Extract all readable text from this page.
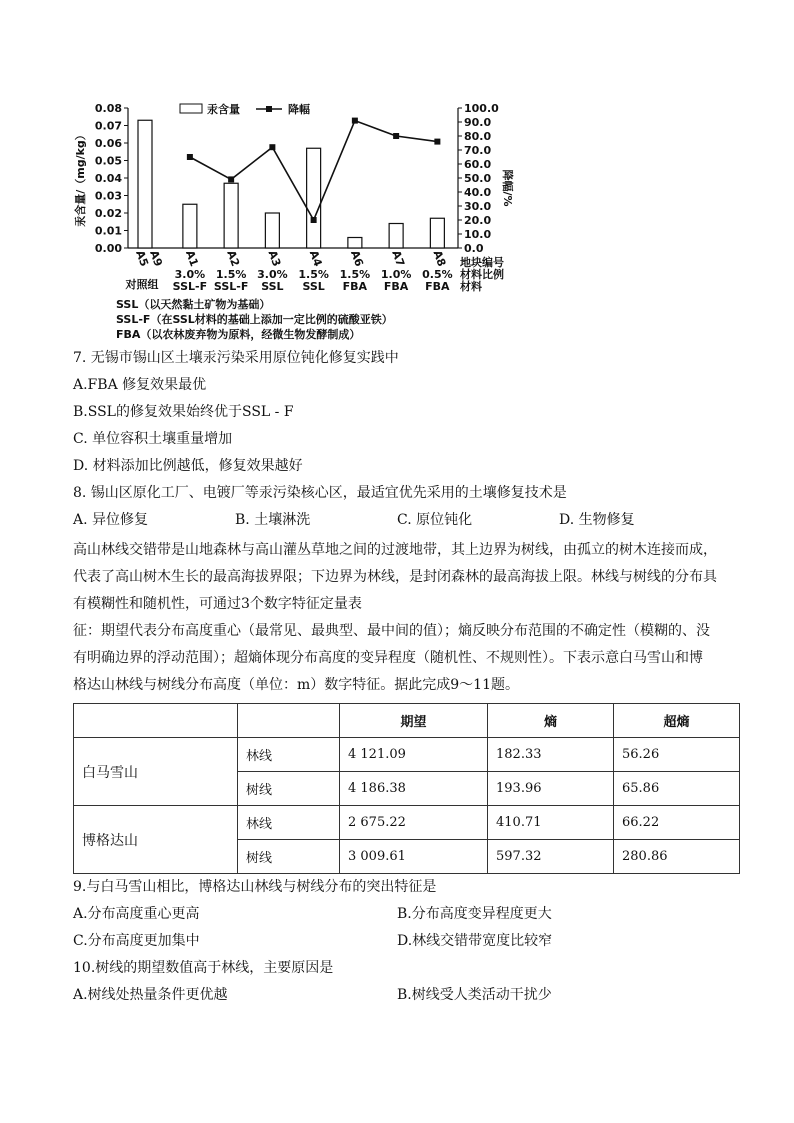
0.00
0.01
0.02
0.03
0.04
0.05
0.06
0.07
0.08
0.0
10.0
20.0
30.0
40.0
50.0
60.0
70.0
80.0
90.0
100.0
汞含量/（mg/kg）	降幅/%
汞含量	降幅
A5
A9
对照组
A1
3.0%
SSL-F
A2
1.5%
SSL-F
A3
3.0%
SSL
A4
1.5%
SSL
A6
1.5%
FBA
A7
1.0%
FBA
A8
0.5%
FBA
地块编号
材料比例
材料
SSL（以天然黏土矿物为基础）
SSL-F（在SSL材料的基础上添加一定比例的硫酸亚铁）
FBA（以农林废弃物为原料，经微生物发酵制成）
7. 无锡市锡山区土壤汞污染采用原位钝化修复实践中
A.FBA 修复效果最优
B.SSL的修复效果始终优于SSL - F
C. 单位容积土壤重量增加
D. 材料添加比例越低，修复效果越好
8. 锡山区原化工厂、电镀厂等汞污染核心区，最适宜优先采用的土壤修复技术是
A. 异位修复	B. 土壤淋洗	C. 原位钝化	D. 生物修复
高山林线交错带是山地森林与高山灌丛草地之间的过渡地带，其上边界为树线，由孤立的树木连接而成，
代表了高山树木生长的最高海拔界限；下边界为林线，是封闭森林的最高海拔上限。林线与树线的分布具
有模糊性和随机性，可通过3个数字特征定量表
征：期望代表分布高度重心（最常见、最典型、最中间的值）；熵反映分布范围的不确定性（模糊的、没
有明确边界的浮动范围）；超熵体现分布高度的变异程度（随机性、不规则性）。下表示意白马雪山和博
格达山林线与树线分布高度（单位：m）数字特征。据此完成9～11题。
		期望	熵	超熵
白马雪山	林线	4 121.09	182.33	56.26
	树线	4 186.38	193.96	65.86
博格达山	林线	2 675.22	410.71	66.22
	树线	3 009.61	597.32	280.86
9.与白马雪山相比，博格达山林线与树线分布的突出特征是
A.分布高度重心更高	B.分布高度变异程度更大
C.分布高度更加集中	D.林线交错带宽度比较窄
10.树线的期望数值高于林线，主要原因是
A.树线处热量条件更优越	B.树线受人类活动干扰少
